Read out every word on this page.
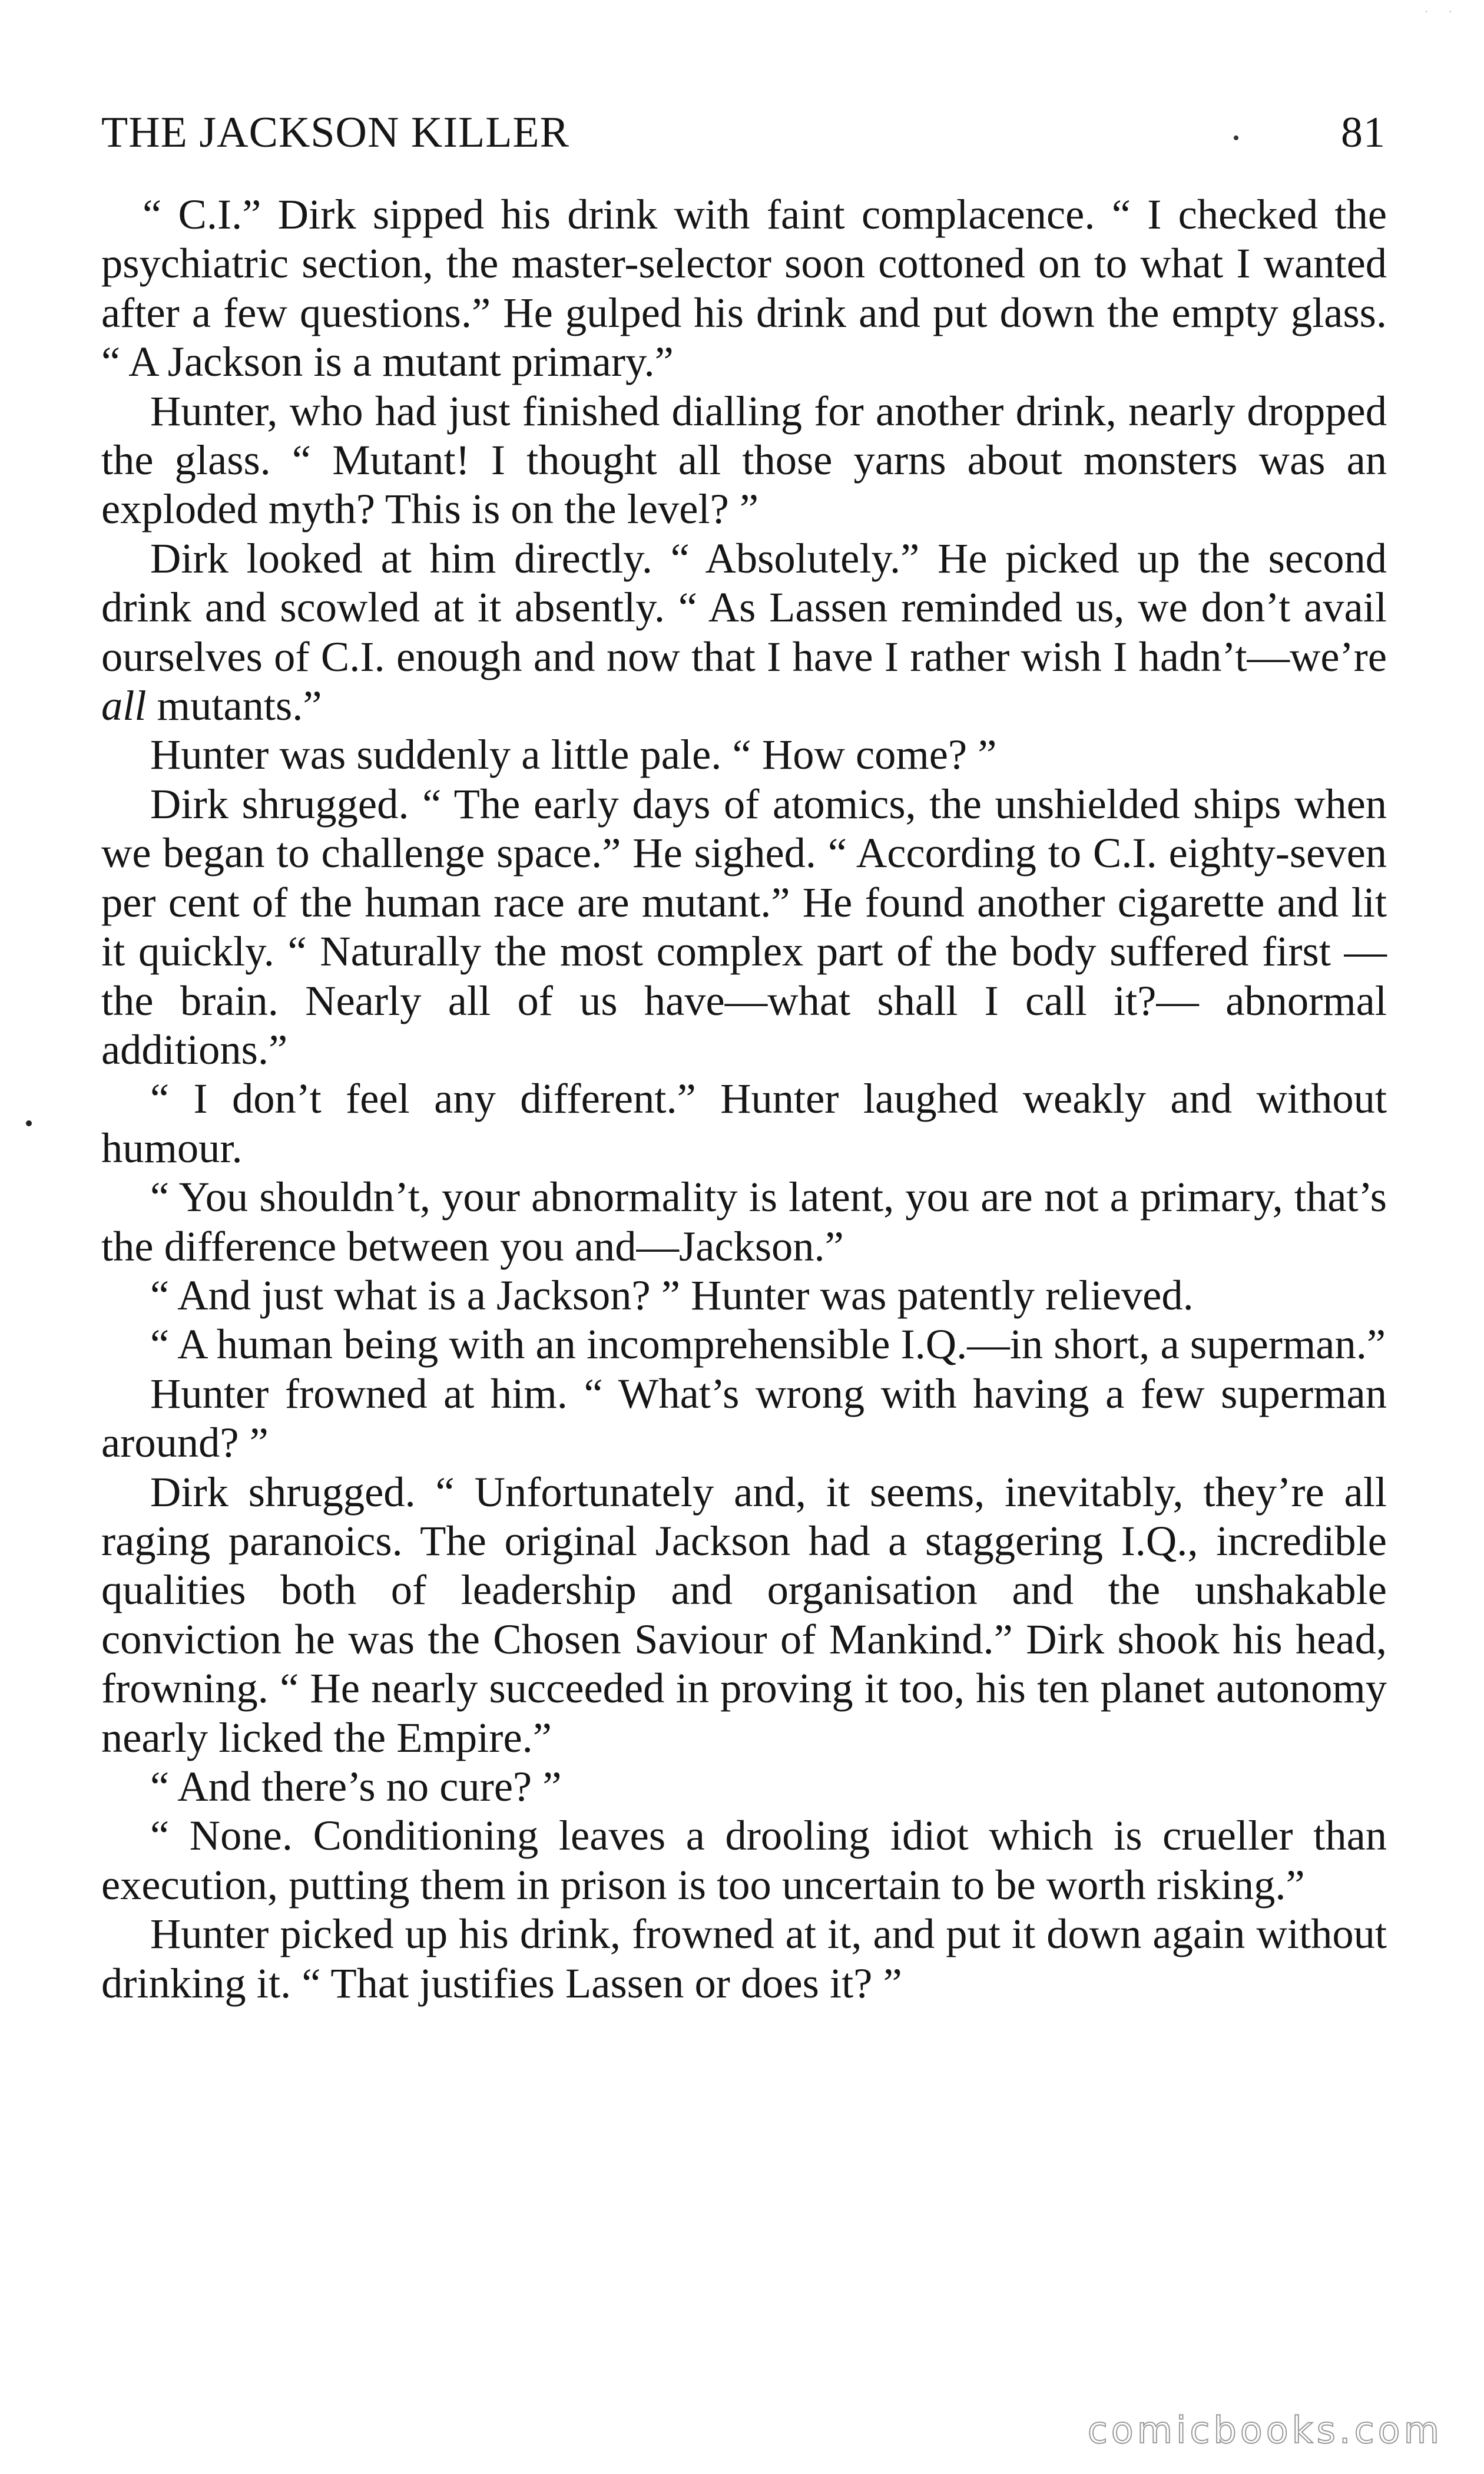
· ·
THE JACKSON KILLER	81

“ C.I.” Dirk sipped his drink with faint complacence. “ I checked the psychiatric section, the master-selector soon cottoned on to what I wanted after a few questions.” He gulped his drink and put down the empty glass. “ A Jackson is a mutant primary.”

Hunter, who had just finished dialling for another drink, nearly dropped the glass. “ Mutant! I thought all those yarns about monsters was an exploded myth? This is on the level? ”

Dirk looked at him directly. “ Absolutely.” He picked up the second drink and scowled at it absently. “ As Lassen reminded us, we don’t avail ourselves of C.I. enough and now that I have I rather wish I hadn’t—we’re all mutants.”

Hunter was suddenly a little pale. “ How come? ”

Dirk shrugged. “ The early days of atomics, the unshielded ships when we began to challenge space.” He sighed. “ According to C.I. eighty-seven per cent of the human race are mutant.” He found another cigarette and lit it quickly. “ Naturally the most complex part of the body suffered first —the brain. Nearly all of us have—what shall I call it?— abnormal additions.”

“ I don’t feel any different.” Hunter laughed weakly and without humour.

“ You shouldn’t, your abnormality is latent, you are not a primary, that’s the difference between you and—Jackson.”

“ And just what is a Jackson? ” Hunter was patently relieved.

“ A human being with an incomprehensible I.Q.—in short, a superman.”

Hunter frowned at him. “ What’s wrong with having a few superman around? ”

Dirk shrugged. “ Unfortunately and, it seems, inevitably, they’re all raging paranoics. The original Jackson had a staggering I.Q., incredible qualities both of leadership and organisation and the unshakable conviction he was the Chosen Saviour of Mankind.” Dirk shook his head, frowning. “ He nearly succeeded in proving it too, his ten planet autonomy nearly licked the Empire.”

“ And there’s no cure? ”

“ None. Conditioning leaves a drooling idiot which is crueller than execution, putting them in prison is too uncertain to be worth risking.”

Hunter picked up his drink, frowned at it, and put it down again without drinking it. “ That justifies Lassen or does it? ”

comicbooks.com
